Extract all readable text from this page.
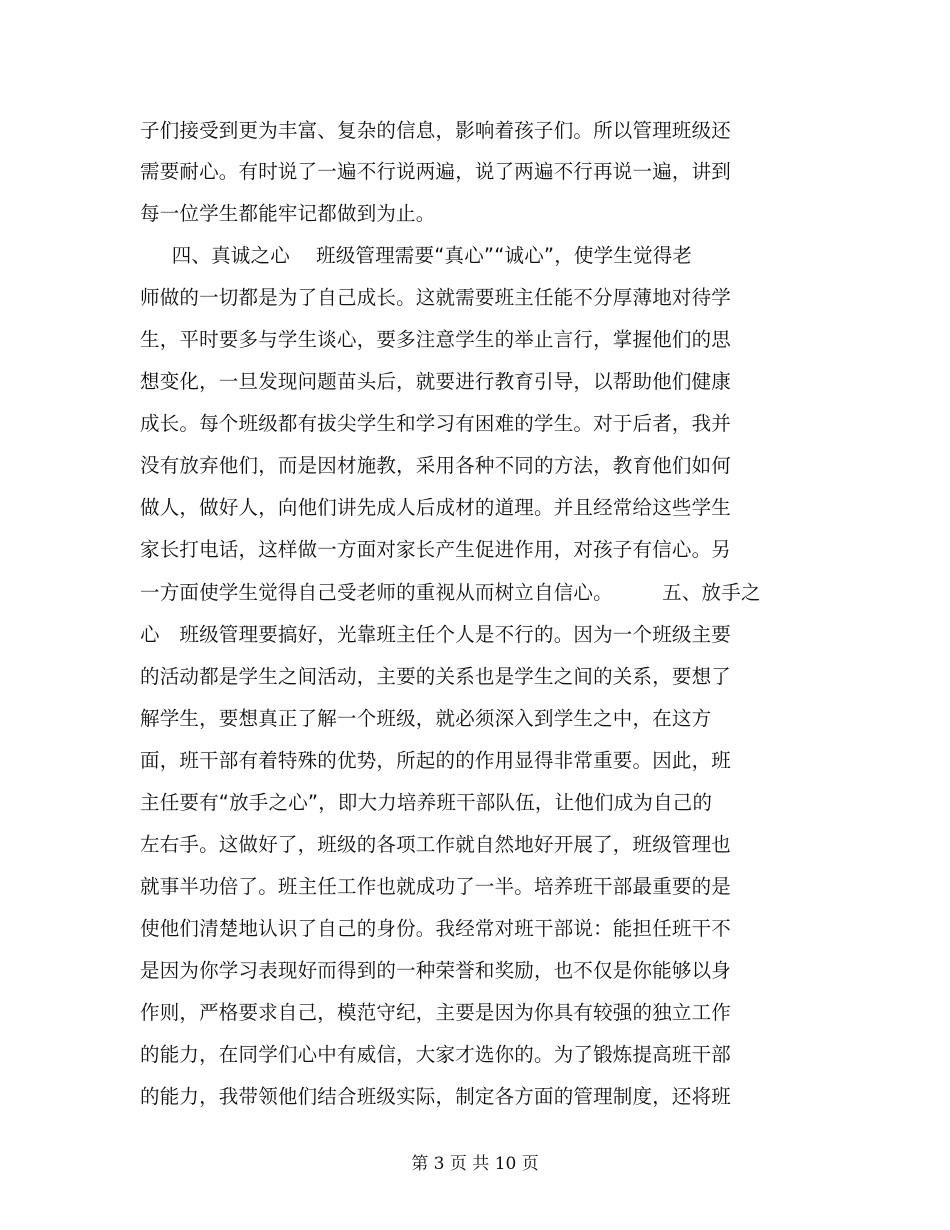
子们接受到更为丰富、复杂的信息，影响着孩子们。所以管理班级还
需要耐心。有时说了一遍不行说两遍，说了两遍不行再说一遍，讲到
每一位学生都能牢记都做到为止。
　四、真诚之心　 班级管理需要“真心”“诚心”，使学生觉得老
师做的一切都是为了自己成长。这就需要班主任能不分厚薄地对待学
生，平时要多与学生谈心，要多注意学生的举止言行，掌握他们的思
想变化，一旦发现问题苗头后，就要进行教育引导，以帮助他们健康
成长。每个班级都有拔尖学生和学习有困难的学生。对于后者，我并
没有放弃他们，而是因材施教，采用各种不同的方法，教育他们如何
做人，做好人，向他们讲先成人后成材的道理。并且经常给这些学生
家长打电话，这样做一方面对家长产生促进作用，对孩子有信心。另
一方面使学生觉得自己受老师的重视从而树立自信心。　　　五、放手之
心　班级管理要搞好，光靠班主任个人是不行的。因为一个班级主要
的活动都是学生之间活动，主要的关系也是学生之间的关系，要想了
解学生，要想真正了解一个班级，就必须深入到学生之中，在这方
面，班干部有着特殊的优势，所起的的作用显得非常重要。因此，班
主任要有“放手之心”，即大力培养班干部队伍，让他们成为自己的
左右手。这做好了，班级的各项工作就自然地好开展了，班级管理也
就事半功倍了。班主任工作也就成功了一半。培养班干部最重要的是
使他们清楚地认识了自己的身份。我经常对班干部说：能担任班干不
是因为你学习表现好而得到的一种荣誉和奖励，也不仅是你能够以身
作则，严格要求自己，模范守纪，主要是因为你具有较强的独立工作
的能力，在同学们心中有威信，大家才选你的。为了锻炼提高班干部
的能力，我带领他们结合班级实际，制定各方面的管理制度，还将班
第 3 页 共 10 页
